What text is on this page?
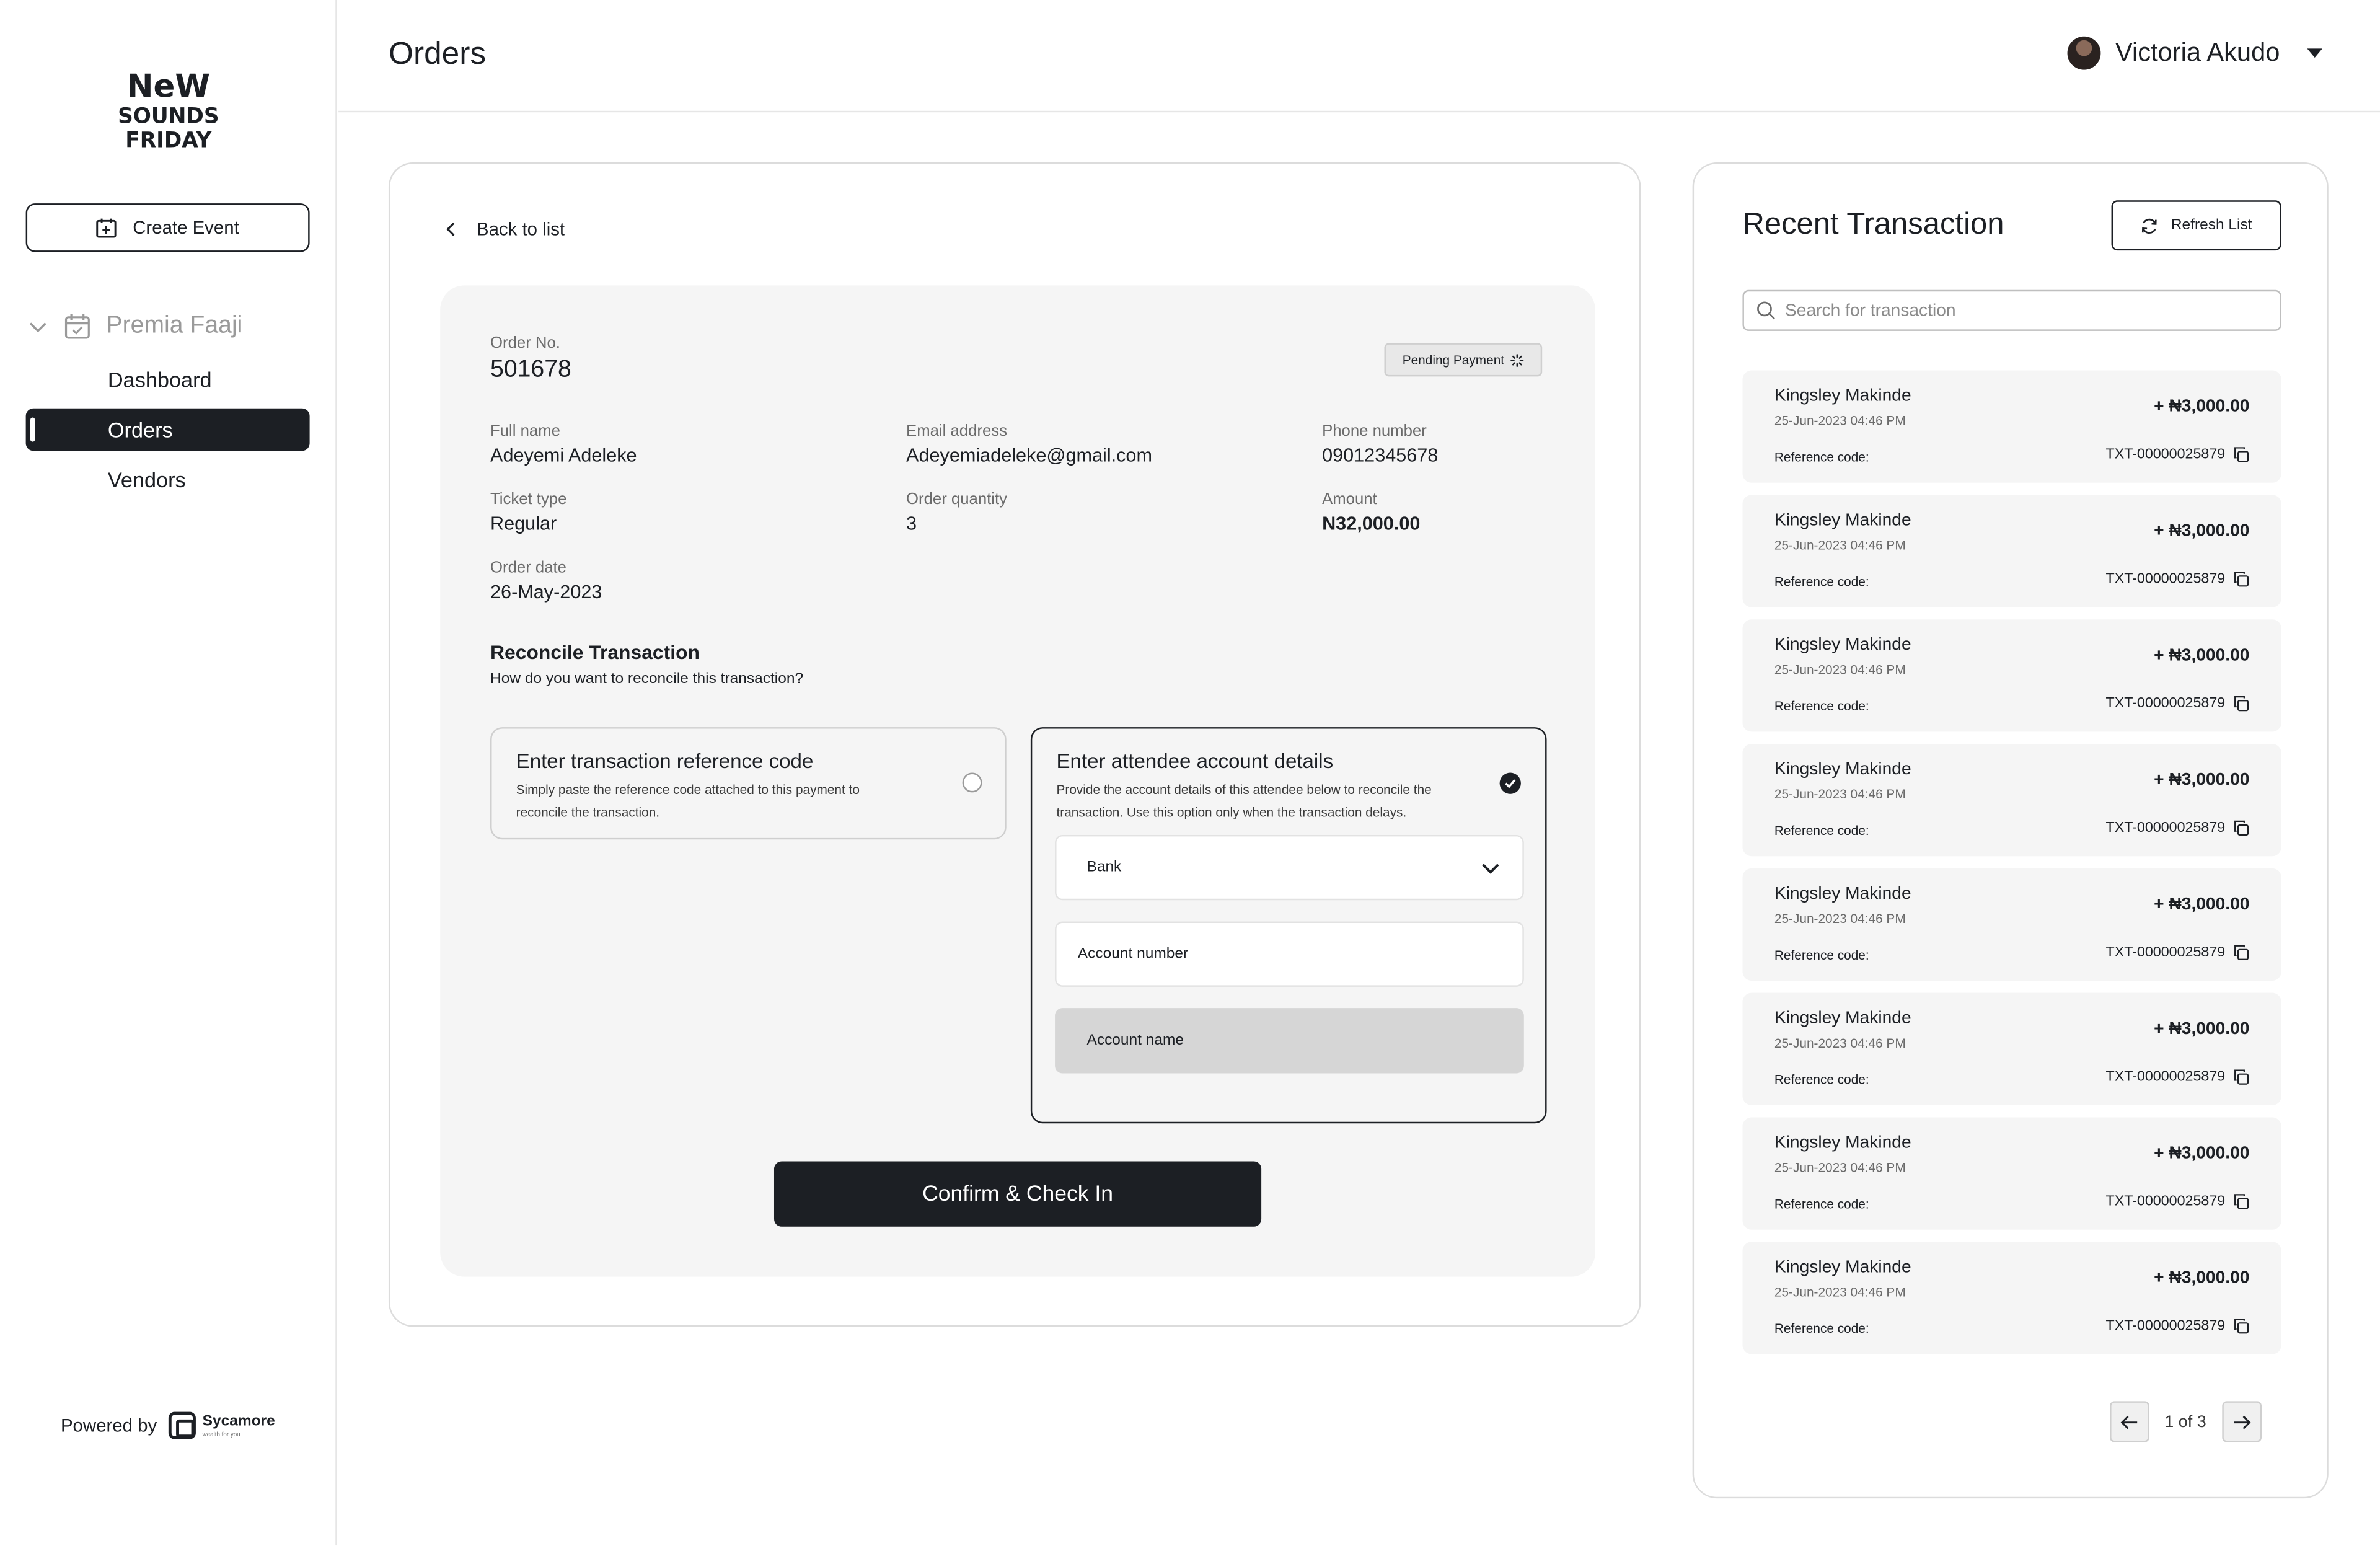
NeW
SOUNDS
FRIDAY
Create Event
Premia Faaji
Dashboard
Orders
Vendors
Powered by	Sycamore
wealth for you
Orders	Victoria Akudo
Back to list
Order No.
501678	Pending Payment
Full name
Adeyemi Adeleke
Email address
Adeyemiadeleke@gmail.com
Phone number
09012345678
Ticket type
Regular
Order quantity
3
Amount
N32,000.00
Order date
26-May-2023
Reconcile Transaction
How do you want to reconcile this transaction?
Enter transaction reference code
Simply paste the reference code attached to this payment to reconcile the transaction.
Enter attendee account details
Provide the account details of this attendee below to reconcile the transaction. Use this option only when the transaction delays.
Bank
Account number
Account name
Confirm & Check In
Recent Transaction	Refresh List
Search for transaction
Kingsley Makinde
25-Jun-2023 04:46 PM
+ ₦3,000.00
Reference code:	TXT-00000025879
Kingsley Makinde
25-Jun-2023 04:46 PM
+ ₦3,000.00
Reference code:	TXT-00000025879
Kingsley Makinde
25-Jun-2023 04:46 PM
+ ₦3,000.00
Reference code:	TXT-00000025879
Kingsley Makinde
25-Jun-2023 04:46 PM
+ ₦3,000.00
Reference code:	TXT-00000025879
Kingsley Makinde
25-Jun-2023 04:46 PM
+ ₦3,000.00
Reference code:	TXT-00000025879
Kingsley Makinde
25-Jun-2023 04:46 PM
+ ₦3,000.00
Reference code:	TXT-00000025879
Kingsley Makinde
25-Jun-2023 04:46 PM
+ ₦3,000.00
Reference code:	TXT-00000025879
Kingsley Makinde
25-Jun-2023 04:46 PM
+ ₦3,000.00
Reference code:	TXT-00000025879
1 of 3
